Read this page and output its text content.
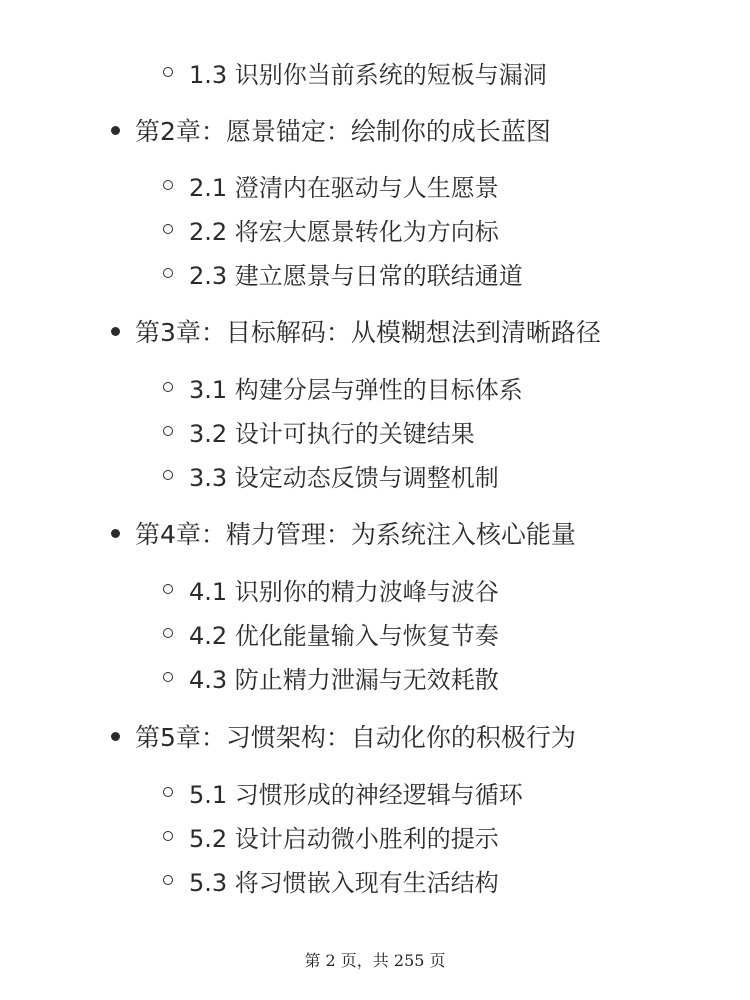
1.3 识别你当前系统的短板与漏洞
第2章：愿景锚定：绘制你的成长蓝图
2.1 澄清内在驱动与人生愿景
2.2 将宏大愿景转化为方向标
2.3 建立愿景与日常的联结通道
第3章：目标解码：从模糊想法到清晰路径
3.1 构建分层与弹性的目标体系
3.2 设计可执行的关键结果
3.3 设定动态反馈与调整机制
第4章：精力管理：为系统注入核心能量
4.1 识别你的精力波峰与波谷
4.2 优化能量输入与恢复节奏
4.3 防止精力泄漏与无效耗散
第5章：习惯架构：自动化你的积极行为
5.1 习惯形成的神经逻辑与循环
5.2 设计启动微小胜利的提示
5.3 将习惯嵌入现有生活结构
第 2 页，共 255 页
